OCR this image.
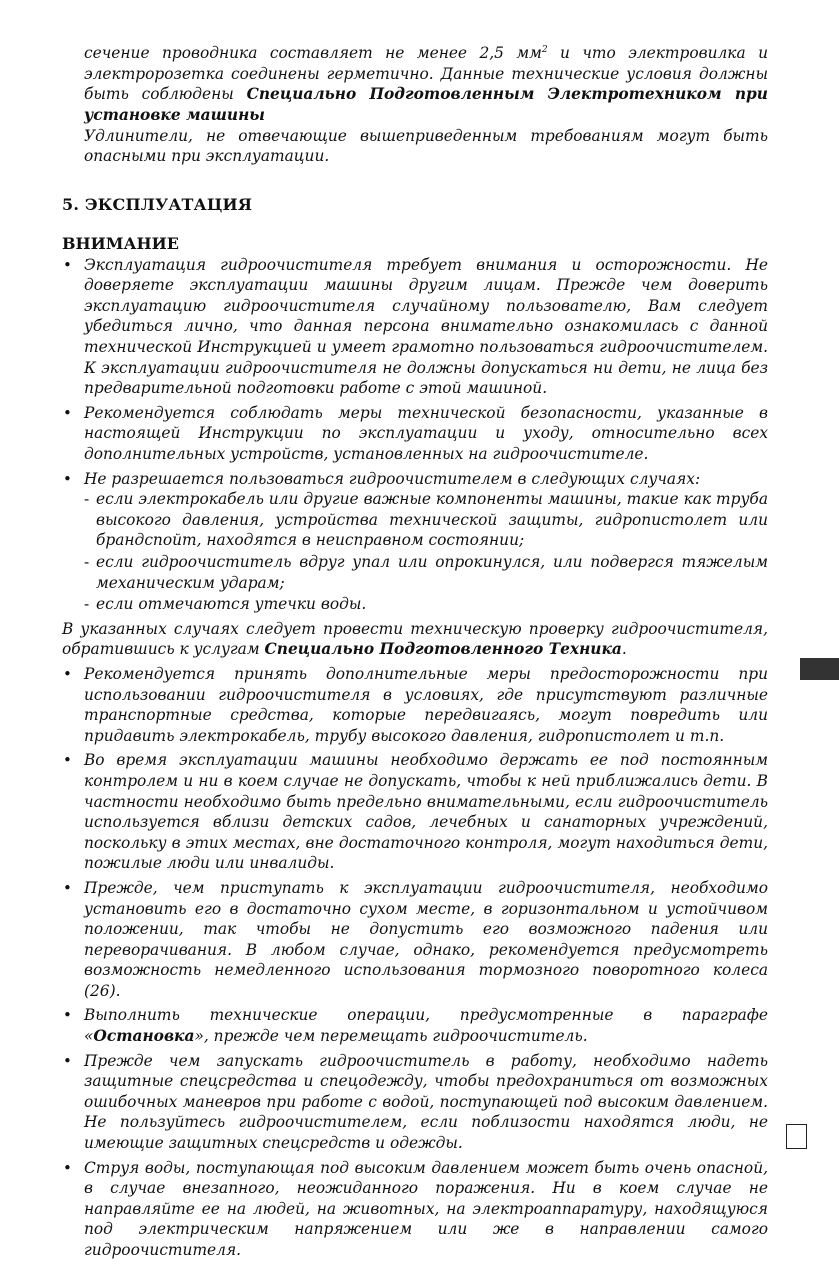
сечение проводника составляет не менее 2,5 $мм^2$ и что электровилка и электророзетка соединены герметично. Данные технические условия должны быть соблюдены Специально Подготовленным Электротехником при установке машины

Удлинители, не отвечающие вышеприведенным требованиям могут быть опасными при эксплуатации.

5. ЭКСПЛУАТАЦИЯ
ВНИМАНИЕ
• Эксплуатация гидроочистителя требует внимания и осторожности. Не доверяете эксплуатации машины другим лицам. Прежде чем доверить эксплуатацию гидроочистителя случайному пользователю, Вам следует убедиться лично, что данная персона внимательно ознакомилась с данной технической Инструкцией и умеет грамотно пользоваться гидроочистителем. К эксплуатации гидроочистителя не должны допускаться ни дети, не лица без предварительной подготовки работе с этой машиной.
• Рекомендуется соблюдать меры технической безопасности, указанные в настоящей Инструкции по эксплуатации и уходу, относительно всех дополнительных устройств, установленных на гидроочистителе.
• Не разрешается пользоваться гидроочистителем в следующих случаях:
- если электрокабель или другие важные компоненты машины, такие как труба высокого давления, устройства технической защиты, гидропистолет или брандспойт, находятся в неисправном состоянии;
- если гидроочиститель вдруг упал или опрокинулся, или подвергся тяжелым механическим ударам;
- если отмечаются утечки воды.

В указанных случаях следует провести техническую проверку гидроочистителя, обратившись к услугам Специально Подготовленного Техника.

• Рекомендуется принять дополнительные меры предосторожности при использовании гидроочистителя в условиях, где присутствуют различные транспортные средства, которые передвигаясь, могут повредить или придавить электрокабель, трубу высокого давления, гидропистолет и т.п.
• Во время эксплуатации машины необходимо держать ее под постоянным контролем и ни в коем случае не допускать, чтобы к ней приближались дети. В частности необходимо быть предельно внимательными, если гидроочиститель используется вблизи детских садов, лечебных и санаторных учреждений, поскольку в этих местах, вне достаточного контроля, могут находиться дети, пожилые люди или инвалиды.
• Прежде, чем приступать к эксплуатации гидроочистителя, необходимо установить его в достаточно сухом месте, в горизонтальном и устойчивом положении, так чтобы не допустить его возможного падения или переворачивания. В любом случае, однако, рекомендуется предусмотреть возможность немедленного использования тормозного поворотного колеса (26).
• Выполнить технические операции, предусмотренные в параграфе «Остановка», прежде чем перемещать гидроочиститель.
• Прежде чем запускать гидроочиститель в работу, необходимо надеть защитные спецсредства и спецодежду, чтобы предохраниться от возможных ошибочных маневров при работе с водой, поступающей под высоким давлением. Не пользуйтесь гидроочистителем, если поблизости находятся люди, не имеющие защитных спецсредств и одежды.
• Струя воды, поступающая под высоким давлением может быть очень опасной, в случае внезапного, неожиданного поражения. Ни в коем случае не направляйте ее на людей, на животных, на электроаппаратуру, находящуюся под электрическим напряжением или же в направлении самого гидроочистителя.
